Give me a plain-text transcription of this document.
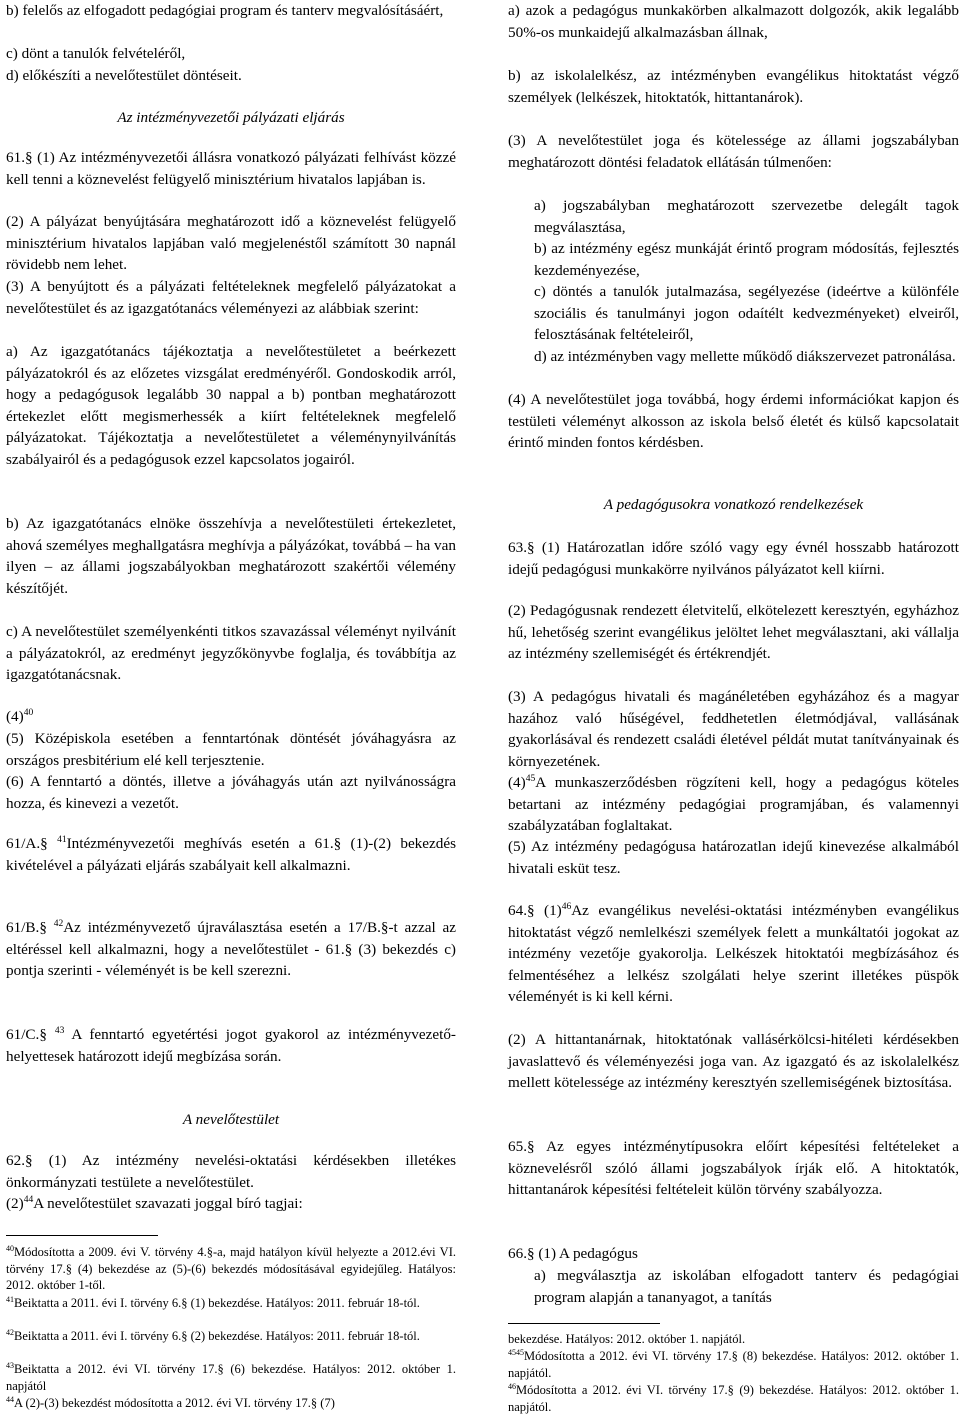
b) felelős az elfogadott pedagógiai program és tanterv megvalósításáért,

c) dönt a tanulók felvételéről,

d) előkészíti a nevelőtestület döntéseit.

Az intézményvezetői pályázati eljárás

61.§ (1) Az intézményvezetői állásra vonatkozó pályázati felhívást közzé kell tenni a köznevelést felügyelő minisztérium hivatalos lapjában is.

(2) A pályázat benyújtására meghatározott idő a köznevelést felügyelő minisztérium hivatalos lapjában való megjelenéstől számított 30 napnál rövidebb nem lehet.

(3) A benyújtott és a pályázati feltételeknek megfelelő pályázatokat a nevelőtestület és az igazgatótanács véleményezi az alábbiak szerint:

a) Az igazgatótanács tájékoztatja a nevelőtestületet a beérkezett pályázatokról és az előzetes vizsgálat eredményéről. Gondoskodik arról, hogy a pedagógusok legalább 30 nappal a b) pontban meghatározott értekezlet előtt megismerhessék a kiírt feltételeknek megfelelő pályázatokat. Tájékoztatja a nevelőtestületet a véleménynyilvánítás szabályairól és a pedagógusok ezzel kapcsolatos jogairól.

b) Az igazgatótanács elnöke összehívja a nevelőtestületi értekezletet, ahová személyes meghallgatásra meghívja a pályázókat, továbbá – ha van ilyen – az állami jogszabályokban meghatározott szakértői vélemény készítőjét.

c) A nevelőtestület személyenkénti titkos szavazással véleményt nyilvánít a pályázatokról, az eredményt jegyzőkönyvbe foglalja, és továbbítja az igazgatótanácsnak.

$(4)^{40}$

(5) Középiskola esetében a fenntartónak döntését jóváhagyásra az országos presbitérium elé kell terjesztenie.

(6) A fenntartó a döntés, illetve a jóváhagyás után azt nyilvánosságra hozza, és kinevezi a vezetőt.

61/A.§ $^{41}$Intézményvezetői meghívás esetén a 61.§ (1)-(2) bekezdés kivételével a pályázati eljárás szabályait kell alkalmazni.

61/B.§ $^{42}$Az intézményvezető újraválasztása esetén a 17/B.§-t azzal az eltéréssel kell alkalmazni, hogy a nevelőtestület - 61.§ (3) bekezdés c) pontja szerinti - véleményét is be kell szerezni.

61/C.§ $^{43}$ A fenntartó egyetértési jogot gyakorol az intézményvezető-helyettesek határozott idejű megbízása során.

A nevelőtestület

62.§ (1) Az intézmény nevelési-oktatási kérdésekben illetékes önkormányzati testülete a nevelőtestület.

$(2)^{44}A$ nevelőtestület szavazati joggal bíró tagjai:

$^{40}$Módosította a 2009. évi V. törvény 4.§-a, majd hatályon kívül helyezte a 2012.évi VI. törvény 17.§ (4) bekezdése az (5)-(6) bekezdés módosításával egyidejűleg. Hatályos: 2012. október 1-től.

$^{41}$Beiktatta a 2011. évi I. törvény 6.§ (1) bekezdése. Hatályos: 2011. február 18-tól.

$^{42}$Beiktatta a 2011. évi I. törvény 6.§ (2) bekezdése. Hatályos: 2011. február 18-tól.

$^{43}$Beiktatta a 2012. évi VI. törvény 17.§ (6) bekezdése. Hatályos: 2012. október 1. napjától

$^{44}$A (2)-(3) bekezdést módosította a 2012. évi VI. törvény 17.§ (7)

a) azok a pedagógus munkakörben alkalmazott dolgozók, akik legalább 50%-os munkaidejű alkalmazásban állnak,

b) az iskolalelkész, az intézményben evangélikus hitoktatást végző személyek (lelkészek, hitoktatók, hittantanárok).

(3) A nevelőtestület joga és kötelessége az állami jogszabályban meghatározott döntési feladatok ellátásán túlmenően:

a) jogszabályban meghatározott szervezetbe delegált tagok megválasztása,

b) az intézmény egész munkáját érintő program módosítás, fejlesztés kezdeményezése,

c) döntés a tanulók jutalmazása, segélyezése (ideértve a különféle szociális és tanulmányi jogon odaítélt kedvezményeket) elveiről, felosztásának feltételeiről,

d) az intézményben vagy mellette működő diákszervezet patronálása.

(4) A nevelőtestület joga továbbá, hogy érdemi információkat kapjon és testületi véleményt alkosson az iskola belső életét és külső kapcsolatait érintő minden fontos kérdésben.

A pedagógusokra vonatkozó rendelkezések

63.§ (1) Határozatlan időre szóló vagy egy évnél hosszabb határozott idejű pedagógusi munkakörre nyilvános pályázatot kell kiírni.

(2) Pedagógusnak rendezett életvitelű, elkötelezett keresztyén, egyházhoz hű, lehetőség szerint evangélikus jelöltet lehet megválasztani, aki vállalja az intézmény szellemiségét és értékrendjét.

(3) A pedagógus hivatali és magánéletében egyházához és a magyar hazához való hűségével, feddhetetlen életmódjával, vallásának gyakorlásával és rendezett családi életével példát mutat tanítványainak és környezetének.

$(4)^{45}A$ munkaszerződésben rögzíteni kell, hogy a pedagógus köteles betartani az intézmény pedagógiai programjában, és valamennyi szabályzatában foglaltakat.

(5) Az intézmény pedagógusa határozatlan idejű kinevezése alkalmából hivatali esküt tesz.

64.§ $(1)^{46}Az$ evangélikus nevelési-oktatási intézményben evangélikus hitoktatást végző nemlelkészi személyek felett a munkáltatói jogokat az intézmény vezetője gyakorolja. Lelkészek hitoktatói megbízásához és felmentéséhez a lelkész szolgálati helye szerint illetékes püspök véleményét is ki kell kérni.

(2) A hittantanárnak, hitoktatónak vallásérkölcsi-hitéleti kérdésekben javaslattevő és véleményezési joga van. Az igazgató és az iskolalelkész mellett kötelessége az intézmény keresztyén szellemiségének biztosítása.

65.§ Az egyes intézménytípusokra előírt képesítési feltételeket a köznevelésről szóló állami jogszabályok írják elő. A hitoktatók, hittantanárok képesítési feltételeit külön törvény szabályozza.

66.§ (1) A pedagógus

a) megválasztja az iskolában elfogadott tanterv és pedagógiai program alapján a tananyagot, a tanítás

bekezdése. Hatályos: 2012. október 1. napjától.

$^{4545}$Módosította a 2012. évi VI. törvény 17.§ (8) bekezdése. Hatályos: 2012. október 1. napjától.

$^{46}$Módosította a 2012. évi VI. törvény 17.§ (9) bekezdése. Hatályos: 2012. október 1. napjától.
